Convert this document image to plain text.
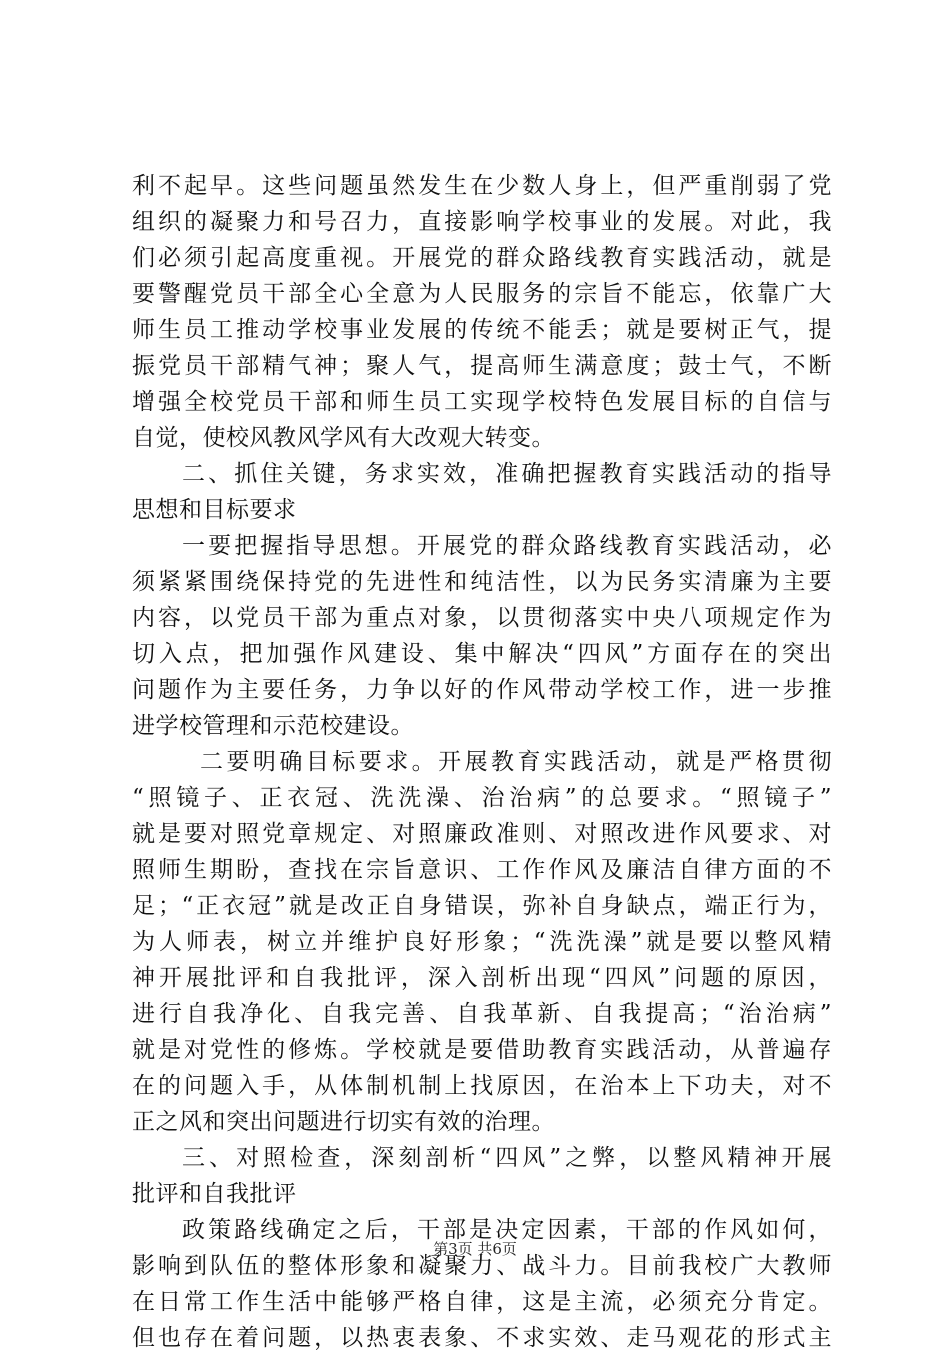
利不起早。这些问题虽然发生在少数人身上，但严重削弱了党
组织的凝聚力和号召力，直接影响学校事业的发展。对此，我
们必须引起高度重视。开展党的群众路线教育实践活动，就是
要警醒党员干部全心全意为人民服务的宗旨不能忘，依靠广大
师生员工推动学校事业发展的传统不能丢；就是要树正气，提
振党员干部精气神；聚人气，提高师生满意度；鼓士气，不断
增强全校党员干部和师生员工实现学校特色发展目标的自信与
自觉，使校风教风学风有大改观大转变。
二、抓住关键，务求实效，准确把握教育实践活动的指导
思想和目标要求
一要把握指导思想。开展党的群众路线教育实践活动，必
须紧紧围绕保持党的先进性和纯洁性，以为民务实清廉为主要
内容，以党员干部为重点对象，以贯彻落实中央八项规定作为
切入点，把加强作风建设、集中解决“四风”方面存在的突出
问题作为主要任务，力争以好的作风带动学校工作，进一步推
进学校管理和示范校建设。
二要明确目标要求。开展教育实践活动，就是严格贯彻
“照镜子、正衣冠、洗洗澡、治治病”的总要求。“照镜子”
就是要对照党章规定、对照廉政准则、对照改进作风要求、对
照师生期盼，查找在宗旨意识、工作作风及廉洁自律方面的不
足；“正衣冠”就是改正自身错误，弥补自身缺点，端正行为，
为人师表，树立并维护良好形象；“洗洗澡”就是要以整风精
神开展批评和自我批评，深入剖析出现“四风”问题的原因，
进行自我净化、自我完善、自我革新、自我提高；“治治病”
就是对党性的修炼。学校就是要借助教育实践活动，从普遍存
在的问题入手，从体制机制上找原因，在治本上下功夫，对不
正之风和突出问题进行切实有效的治理。
三、对照检查，深刻剖析“四风”之弊，以整风精神开展
批评和自我批评
政策路线确定之后，干部是决定因素，干部的作风如何，
影响到队伍的整体形象和凝聚力、战斗力。目前我校广大教师
在日常工作生活中能够严格自律，这是主流，必须充分肯定。
但也存在着问题，以热衷表象、不求实效、走马观花的形式主
第3页 共6页
